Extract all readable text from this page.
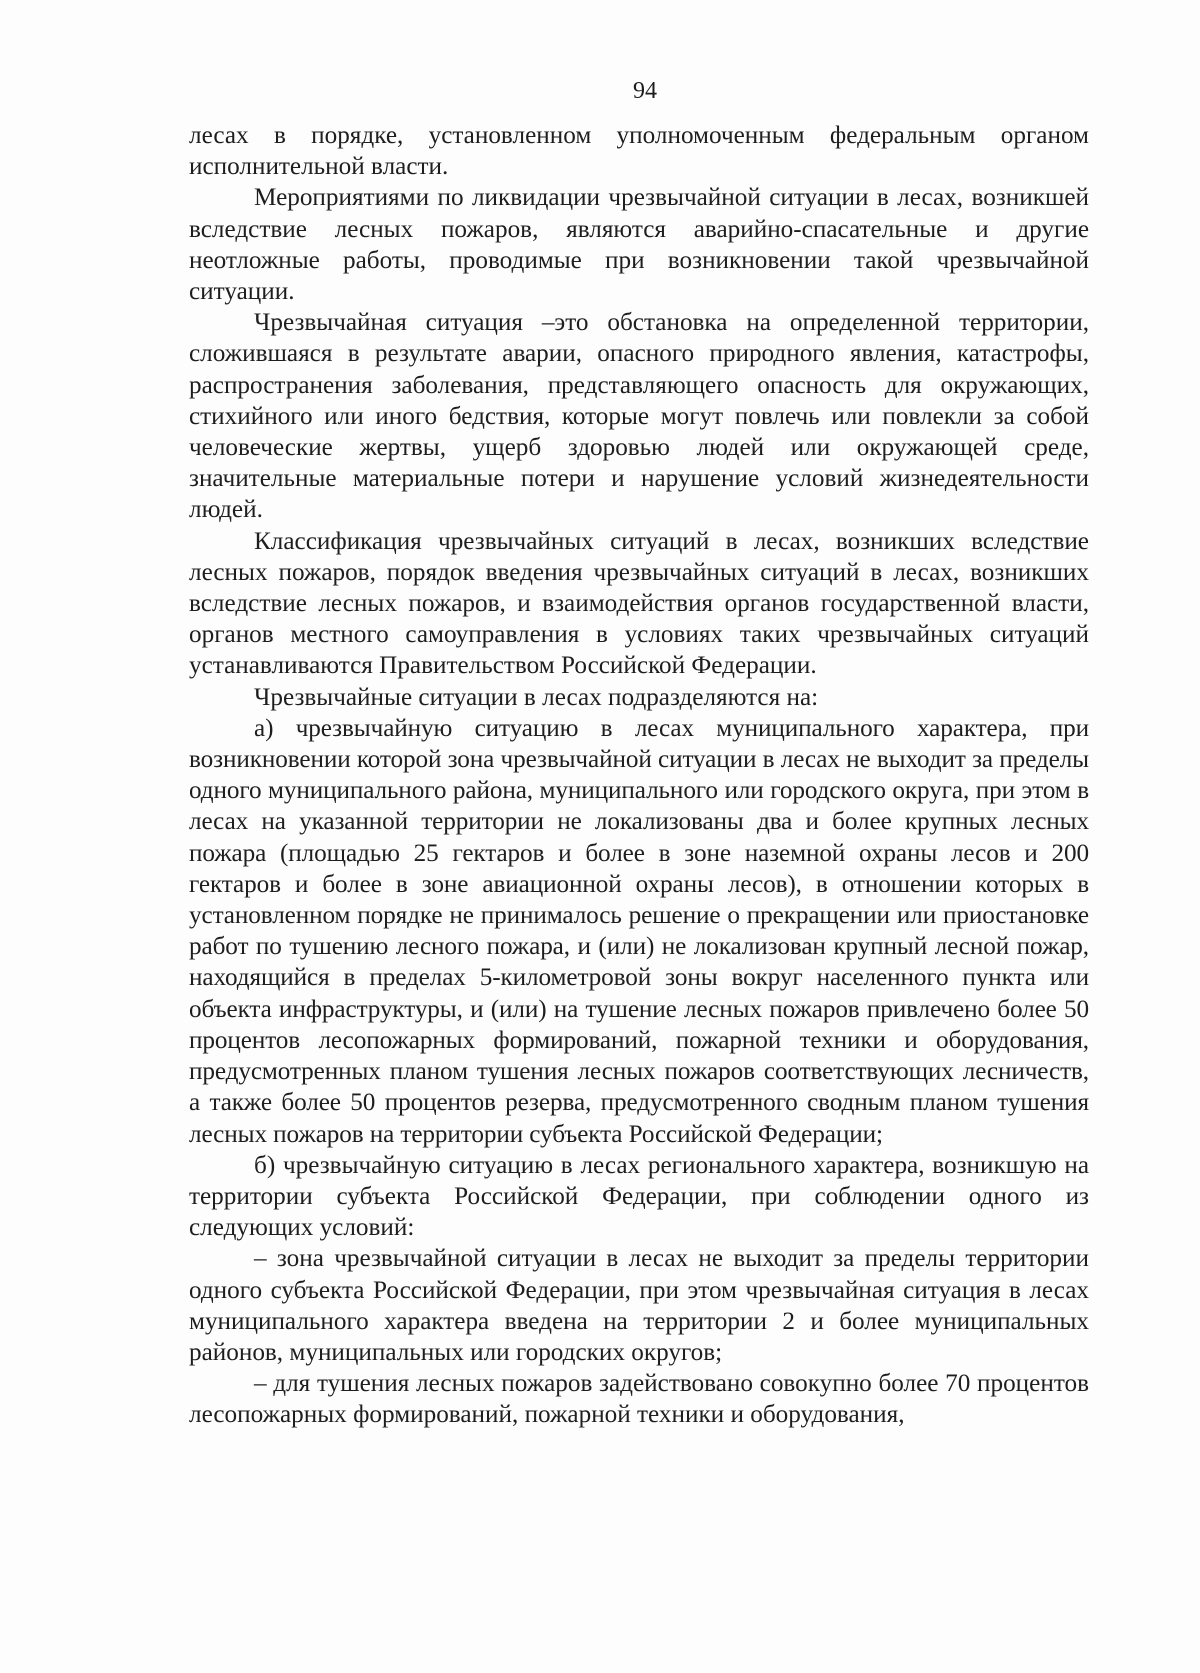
94

лесах в порядке, установленном уполномоченным федеральным органом исполнительной власти.

Мероприятиями по ликвидации чрезвычайной ситуации в лесах, возникшей вследствие лесных пожаров, являются аварийно-спасательные и другие неотложные работы, проводимые при возникновении такой чрезвычайной ситуации.

Чрезвычайная ситуация –это обстановка на определенной территории, сложившаяся в результате аварии, опасного природного явления, катастрофы, распространения заболевания, представляющего опасность для окружающих, стихийного или иного бедствия, которые могут повлечь или повлекли за собой человеческие жертвы, ущерб здоровью людей или окружающей среде, значительные материальные потери и нарушение условий жизнедеятельности людей.

Классификация чрезвычайных ситуаций в лесах, возникших вследствие лесных пожаров, порядок введения чрезвычайных ситуаций в лесах, возникших вследствие лесных пожаров, и взаимодействия органов государственной власти, органов местного самоуправления в условиях таких чрезвычайных ситуаций устанавливаются Правительством Российской Федерации.

Чрезвычайные ситуации в лесах подразделяются на:

а) чрезвычайную ситуацию в лесах муниципального характера, при возникновении которой зона чрезвычайной ситуации в лесах не выходит за пределы одного муниципального района, муниципального или городского округа, при этом в лесах на указанной территории не локализованы два и более крупных лесных пожара (площадью 25 гектаров и более в зоне наземной охраны лесов и 200 гектаров и более в зоне авиационной охраны лесов), в отношении которых в установленном порядке не принималось решение о прекращении или приостановке работ по тушению лесного пожара, и (или) не локализован крупный лесной пожар, находящийся в пределах 5-километровой зоны вокруг населенного пункта или объекта инфраструктуры, и (или) на тушение лесных пожаров привлечено более 50 процентов лесопожарных формирований, пожарной техники и оборудования, предусмотренных планом тушения лесных пожаров соответствующих лесничеств, а также более 50 процентов резерва, предусмотренного сводным планом тушения лесных пожаров на территории субъекта Российской Федерации;

б) чрезвычайную ситуацию в лесах регионального характера, возникшую на территории субъекта Российской Федерации, при соблюдении одного из следующих условий:

– зона чрезвычайной ситуации в лесах не выходит за пределы территории одного субъекта Российской Федерации, при этом чрезвычайная ситуация в лесах муниципального характера введена на территории 2 и более муниципальных районов, муниципальных или городских округов;

– для тушения лесных пожаров задействовано совокупно более 70 процентов лесопожарных формирований, пожарной техники и оборудования,
